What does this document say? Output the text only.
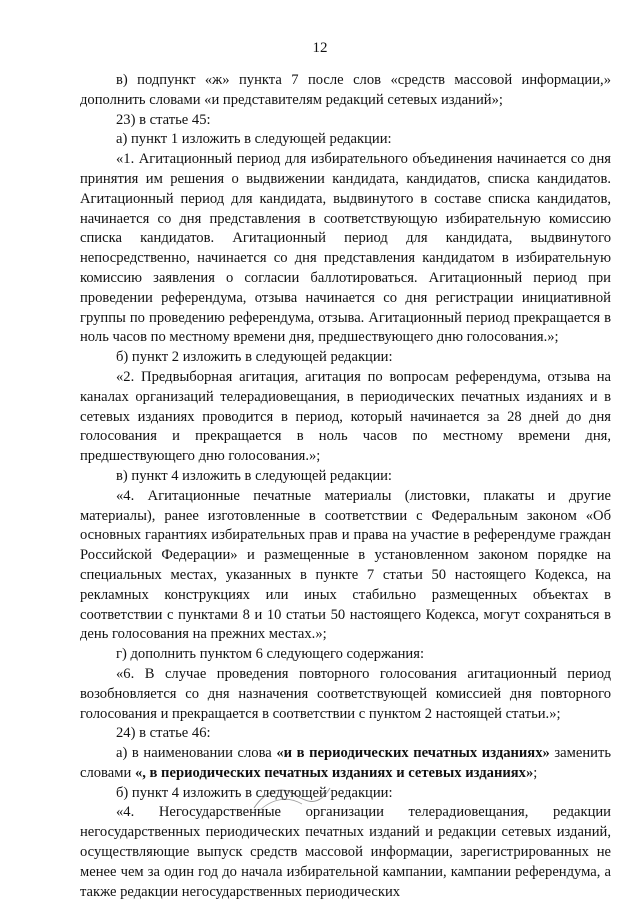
12

в) подпункт «ж» пункта 7 после слов «средств массовой информации,» дополнить словами «и представителям редакций сетевых изданий»;

23) в статье 45:

а) пункт 1 изложить в следующей редакции:

«1. Агитационный период для избирательного объединения начинается со дня принятия им решения о выдвижении кандидата, кандидатов, списка кандидатов. Агитационный период для кандидата, выдвинутого в составе списка кандидатов, начинается со дня представления в соответствующую избирательную комиссию списка кандидатов. Агитационный период для кандидата, выдвинутого непосредственно, начинается со дня представления кандидатом в избирательную комиссию заявления о согласии баллотироваться. Агитационный период при проведении референдума, отзыва начинается со дня регистрации инициативной группы по проведению референдума, отзыва. Агитационный период прекращается в ноль часов по местному времени дня, предшествующего дню голосования.»;

б) пункт 2 изложить в следующей редакции:

«2. Предвыборная агитация, агитация по вопросам референдума, отзыва на каналах организаций телерадиовещания, в периодических печатных изданиях и в сетевых изданиях проводится в период, который начинается за 28 дней до дня голосования и прекращается в ноль часов по местному времени дня, предшествующего дню голосования.»;

в) пункт 4 изложить в следующей редакции:

«4. Агитационные печатные материалы (листовки, плакаты и другие материалы), ранее изготовленные в соответствии с Федеральным законом «Об основных гарантиях избирательных прав и права на участие в референдуме граждан Российской Федерации» и размещенные в установленном законом порядке на специальных местах, указанных в пункте 7 статьи 50 настоящего Кодекса, на рекламных конструкциях или иных стабильно размещенных объектах в соответствии с пунктами 8 и 10 статьи 50 настоящего Кодекса, могут сохраняться в день голосования на прежних местах.»;

г) дополнить пунктом 6 следующего содержания:

«6. В случае проведения повторного голосования агитационный период возобновляется со дня назначения соответствующей комиссией дня повторного голосования и прекращается в соответствии с пунктом 2 настоящей статьи.»;

24) в статье 46:

а) в наименовании слова «и в периодических печатных изданиях» заменить словами «, в периодических печатных изданиях и сетевых изданиях»;

б) пункт 4 изложить в следующей редакции:

«4. Негосударственные организации телерадиовещания, редакции негосударственных периодических печатных изданий и редакции сетевых изданий, осуществляющие выпуск средств массовой информации, зарегистрированных не менее чем за один год до начала избирательной кампании, кампании референдума, а также редакции негосударственных периодических
